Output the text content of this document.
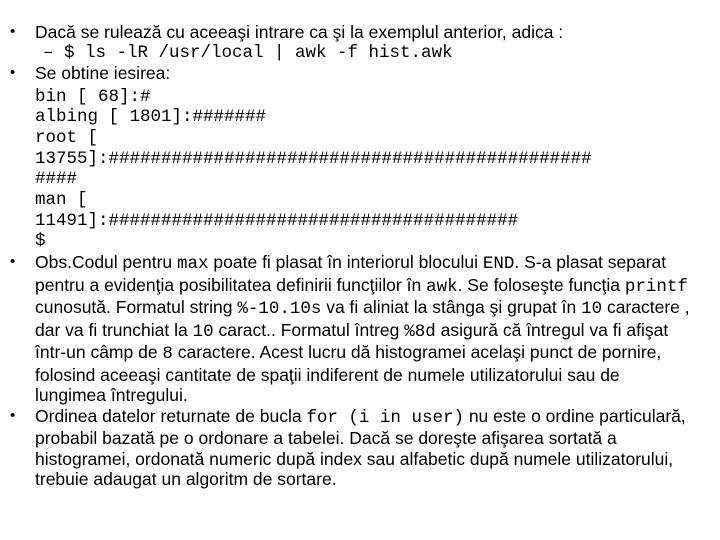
•	Dacă se rulează cu aceeaşi intrare ca şi la exemplul anterior, adica :
– $ ls -lR /usr/local | awk -f hist.awk
•	Se obtine iesirea:
bin [ 68]:#
albing [ 1801]:#######
root [
13755]:##############################################
####
man [
11491]:#######################################
$
•	Obs.Codul pentru max poate fi plasat în interiorul blocului END. S-a plasat separat pentru a evidenţia posibilitatea definirii funcţiilor în awk. Se foloseşte funcţia printf cunosută. Formatul string %-10.10s va fi aliniat la stânga şi grupat în 10 caractere , dar va fi trunchiat la 10 caract.. Formatul întreg %8d asigură că întregul va fi afişat într-un câmp de 8 caractere. Acest lucru dă histogramei acelaşi punct de pornire, folosind aceeaşi cantitate de spaţii indiferent de numele utilizatorului sau de lungimea întregului.
•	Ordinea datelor returnate de bucla for (i in user) nu este o ordine particulară, probabil bazată pe o ordonare a tabelei. Dacă se doreşte afişarea sortată a histogramei, ordonată numeric după index sau alfabetic după numele utilizatorului, trebuie adaugat un algoritm de sortare.
